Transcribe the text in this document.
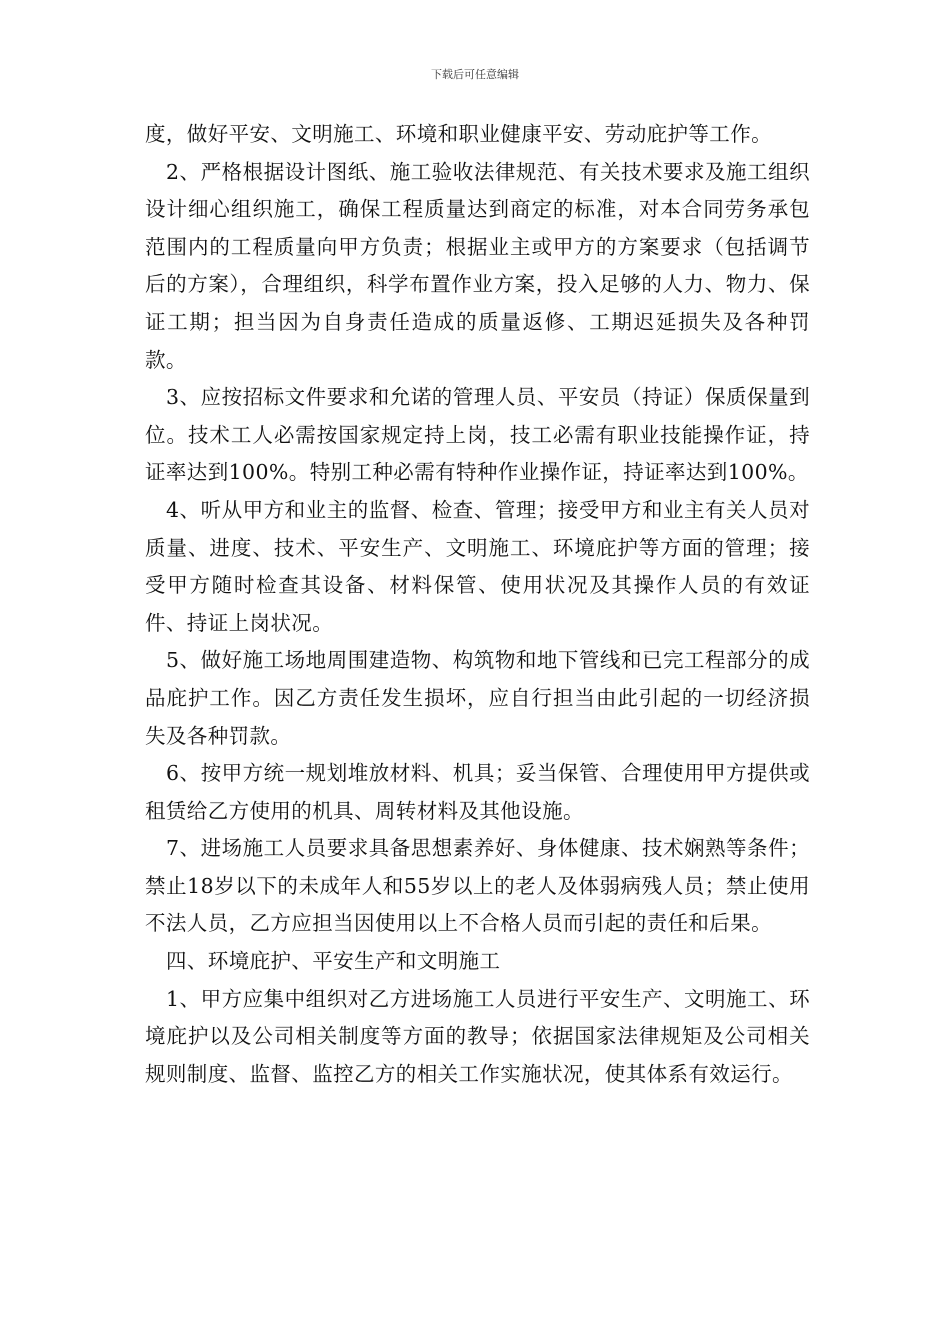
下载后可任意编辑

度，做好平安、文明施工、环境和职业健康平安、劳动庇护等工作。

2、严格根据设计图纸、施工验收法律规范、有关技术要求及施工组织设计细心组织施工，确保工程质量达到商定的标准，对本合同劳务承包范围内的工程质量向甲方负责；根据业主或甲方的方案要求（包括调节后的方案），合理组织，科学布置作业方案，投入足够的人力、物力、保证工期；担当因为自身责任造成的质量返修、工期迟延损失及各种罚款。

3、应按招标文件要求和允诺的管理人员、平安员（持证）保质保量到位。技术工人必需按国家规定持上岗，技工必需有职业技能操作证，持证率达到100%。特别工种必需有特种作业操作证，持证率达到100%。

4、听从甲方和业主的监督、检查、管理；接受甲方和业主有关人员对质量、进度、技术、平安生产、文明施工、环境庇护等方面的管理；接受甲方随时检查其设备、材料保管、使用状况及其操作人员的有效证件、持证上岗状况。

5、做好施工场地周围建造物、构筑物和地下管线和已完工程部分的成品庇护工作。因乙方责任发生损坏，应自行担当由此引起的一切经济损失及各种罚款。

6、按甲方统一规划堆放材料、机具；妥当保管、合理使用甲方提供或租赁给乙方使用的机具、周转材料及其他设施。

7、进场施工人员要求具备思想素养好、身体健康、技术娴熟等条件；禁止18岁以下的未成年人和55岁以上的老人及体弱病残人员；禁止使用不法人员，乙方应担当因使用以上不合格人员而引起的责任和后果。

四、环境庇护、平安生产和文明施工

1、甲方应集中组织对乙方进场施工人员进行平安生产、文明施工、环境庇护以及公司相关制度等方面的教导；依据国家法律规矩及公司相关规则制度、监督、监控乙方的相关工作实施状况，使其体系有效运行。
